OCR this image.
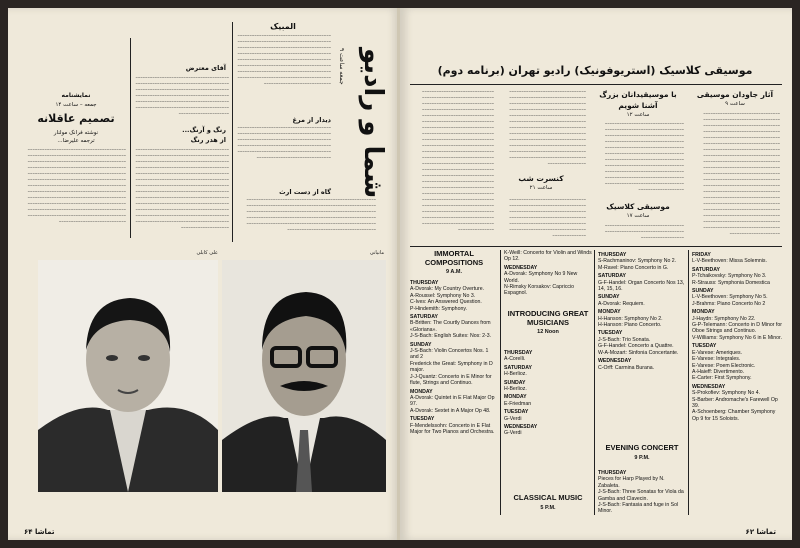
شما و رادیو
جمعه ساعت ۹
المبیک
–––––––––––––––––––––––––––––––––––––––
–––––––––––––––––––––––––––––––––––––––
–––––––––––––––––––––––––––––––––––––––
–––––––––––––––––––––––––––––––––––––––
–––––––––––––––––––––––––––––––––––––––
–––––––––––––––––––––––––––––––––––––––
–––––––––––––––––––––––––––––––––––––––
–––––––––––––––––––––––––––––––––––––––
––––––––––––––––––––––––––––
–––––––––––––––––––––––––––––––––––––––
–––––––––––––––––––––––––––––––––––––––
–––––––––––––––––––––––––––––––––––––––
–––––––––––––––––––––––––––––––––––––––
–––––––––––––––––––––––––––––––––––––––
–––––––––––––––––––––––––––––––
دیدار از مرغ
گاه از دست ارث
––––––––––––––––––––––––––––––––––––––––––––––––––––––
––––––––––––––––––––––––––––––––––––––––––––––––––––––
––––––––––––––––––––––––––––––––––––––––––––––––––––––
––––––––––––––––––––––––––––––––––––––––––––––––––––––
––––––––––––––––––––––––––––––––––––––––––––––––––––––
–––––––––––––––––––––––––––––––––––––
آقای معترض
–––––––––––––––––––––––––––––––––––––––
–––––––––––––––––––––––––––––––––––––––
–––––––––––––––––––––––––––––––––––––––
–––––––––––––––––––––––––––––––––––––––
–––––––––––––––––––––––––––––––––––––––
–––––––––––––––––––––––––––––––––––––––
–––––––––––––––––––––
رنگ و آرنگ...
از هدر رنگ
–––––––––––––––––––––––––––––––––––––––
–––––––––––––––––––––––––––––––––––––––
–––––––––––––––––––––––––––––––––––––––
–––––––––––––––––––––––––––––––––––––––
–––––––––––––––––––––––––––––––––––––––
–––––––––––––––––––––––––––––––––––––––
–––––––––––––––––––––––––––––––––––––––
–––––––––––––––––––––––––––––––––––––––
–––––––––––––––––––––––––––––––––––––––
–––––––––––––––––––––––––––––––––––––––
–––––––––––––––––––––––––––––––––––––––
–––––––––––––––––––––––––––––––––––––––
–––––––––––––––––––––––––––––––––––––––
––––––––––––––––––––
نمایشنامه
جمعه – ساعت ۱۴
تصمیم عاقلانه
نوشته فرانک مولنار
ترجمه علیرضا...
–––––––––––––––––––––––––––––––––––––––––
–––––––––––––––––––––––––––––––––––––––––
–––––––––––––––––––––––––––––––––––––––––
–––––––––––––––––––––––––––––––––––––––––
–––––––––––––––––––––––––––––––––––––––––
–––––––––––––––––––––––––––––––––––––––––
–––––––––––––––––––––––––––––––––––––––––
–––––––––––––––––––––––––––––––––––––––––
–––––––––––––––––––––––––––––––––––––––––
–––––––––––––––––––––––––––––––––––––––––
–––––––––––––––––––––––––––––––––––––––––
–––––––––––––––––––––––––––––––––––––––––
––––––––––––––––––––––––––––
علی کابلی	مانیانی
تماشا ۶۴
موسیقی کلاسیک (استریوفونیک) رادیو تهران (برنامه دوم)
آثار جاودان موسیقی
ساعت ۹
با موسیقیدانان بزرگ
آشنا شویم
ساعت ۱۲
موسیقی کلاسیک
ساعت ۱۷
کنسرت شب
ساعت ۲۱
––––––––––––––––––––––––––––––––
––––––––––––––––––––––––––––––––
––––––––––––––––––––––––––––––––
––––––––––––––––––––––––––––––––
––––––––––––––––––––––––––––––––
––––––––––––––––––––––––––––––––
––––––––––––––––––––––––––––––––
––––––––––––––––––––––––––––––––
––––––––––––––––––––––––––––––––
––––––––––––––––––––––––––––––––
––––––––––––––––––––––––––––––––
––––––––––––––––––––––––––––––––
––––––––––––––––––––––––––––––––
––––––––––––––––––––––––––––––––
––––––––––––––––––––––––––––––––
––––––––––––––––––––––––––––––––
––––––––––––––––––––––––––––––––
––––––––––––––––––––––––––––––––
––––––––––––––––––––––––––––––––
––––––––––––––––––––––––––––––––
–––––––––––––––––––––
–––––––––––––––––––––––––––––––––
–––––––––––––––––––––––––––––––––
–––––––––––––––––––––––––––––––––
–––––––––––––––––––––––––––––––––
–––––––––––––––––––––––––––––––––
–––––––––––––––––––––––––––––––––
–––––––––––––––––––––––––––––––––
–––––––––––––––––––––––––––––––––
–––––––––––––––––––––––––––––––––
–––––––––––––––––––––––––––––––––
–––––––––––––––––––––––––––––––––
–––––––––––––––––––
–––––––––––––––––––––––––––––––––
–––––––––––––––––––––––––––––––––
––––––––––––––––––
––––––––––––––––––––––––––––––––
––––––––––––––––––––––––––––––––
––––––––––––––––––––––––––––––––
––––––––––––––––––––––––––––––––
––––––––––––––––––––––––––––––––
––––––––––––––––––––––––––––––––
––––––––––––––––––––––––––––––––
––––––––––––––––––––––––––––––––
––––––––––––––––––––––––––––––––
––––––––––––––––––––––––––––––––
––––––––––––––––––––––––––––––––
––––––––––––––––––––––––––––––––
––––––––––––––––
––––––––––––––––––––––––––––––––
––––––––––––––––––––––––––––––––
––––––––––––––––––––––––––––––––
––––––––––––––––––––––––––––––––
––––––––––––––––––––––––––––––––
––––––––––––––––––––––––––––––––
––––––––––––––
––––––––––––––––––––––––––––––
––––––––––––––––––––––––––––––
––––––––––––––––––––––––––––––
––––––––––––––––––––––––––––––
––––––––––––––––––––––––––––––
––––––––––––––––––––––––––––––
––––––––––––––––––––––––––––––
––––––––––––––––––––––––––––––
––––––––––––––––––––––––––––––
––––––––––––––––––––––––––––––
––––––––––––––––––––––––––––––
––––––––––––––––––––––––––––––
––––––––––––––––––––––––––––––
––––––––––––––––––––––––––––––
––––––––––––––––––––––––––––––
––––––––––––––––––––––––––––––
––––––––––––––––––––––––––––––
––––––––––––––––––––––––––––––
––––––––––––––––––––––––––––––
––––––––––––––––––––––––––––––
––––––––––––––––––––––––––––––
––––––––––––––––––––––––––––––
––––––––––––––––––––––––––––––
–––––––––––––––
IMMORTAL COMPOSITIONS
9 A.M.
THURSDAY
A-Dvorak: My Country Overture.
A-Roussel: Symphony No 3.
C-Ives: An Answered Question.
P-Hindemith: Symphony.
SATURDAY
B-Britten: The Courtly Dances from «Gloriana».
J-S-Bach: English Suites: Nos: 2-3.
SUNDAY
J-S-Bach: Violin Concertos Nos. 1 and 2
Frederick the Great: Symphony in D major.
J-J-Quantz: Concerto in E Minor for flute, Strings and Continuo.
MONDAY
A-Dvorak: Quintet in E Flat Major Op 97.
A-Dvorak: Sextet in A Major Op 48.
TUESDAY
F-Mendelssohn: Concerto in E Flat Major for Two Pianos and Orchestra.
K-Weill: Concerto for Violin and Winds Op 12.
WEDNESDAY
A-Dvorak: Symphony No 9 New World.
N-Rimsky Korsakov: Capriccio Espagnol.
INTRODUCING GREAT MUSICIANS
12 Noon
THURSDAY
A-Corelli.
SATURDAY
H-Berlioz.
SUNDAY
H-Berlioz.
MONDAY
E-Friedman
TUESDAY
G-Verdi
WEDNESDAY
G-Verdi
CLASSICAL MUSIC
5 P.M.
THURSDAY
S-Rachmaninov: Symphony No 2.
M-Ravel: Piano Concerto in G.
SATURDAY
G-F-Handel: Organ Concerto Nos 13, 14, 15, 16.
SUNDAY
A-Dvorak: Requiem.
MONDAY
H-Hanson: Symphony No 2.
H-Hanson: Piano Concerto.
TUESDAY
J-S-Bach: Trio Sonata.
G-F-Handel: Concerto a Quattre.
W-A-Mozart: Sinfonia Concertante.
WEDNESDAY
C-Orff: Carmina Burana.
EVENING CONCERT
9 P.M.
THURSDAY
Pieces for Harp Played by N. Zabaleta.
J-S-Bach: Three Sonatas for Viola da Gamba and Clavecin.
J-S-Bach: Fantasia and fuge in Sol Minor.
FRIDAY
L-V-Beethoven: Missa Solemnis.
SATURDAY
P-Tchaikovsky: Symphony No 3.
R-Strauss: Symphonia Domestica
SUNDAY
L-V-Beethoven: Symphony No 5.
J-Brahms: Piano Concerto No 2
MONDAY
J-Haydn: Symphony No 22.
G-P-Telemann: Concerto in D Minor for Oboe Strings and Continuo.
V-Williams: Symphony No 6 in E Minor.
TUESDAY
E-Varese: Ameriques.
E-Varese: Integrales.
E-Varese: Poem Electronic.
A-Haieff: Divertimento.
E-Carter: First Symphony.
WEDNESDAY
S-Prokofiev: Symphony No 4.
S-Barber: Andromache's Farewell Op 39.
A-Schoenberg: Chamber Symphony Op 9 for 15 Soloists.
تماشا ۶۲
